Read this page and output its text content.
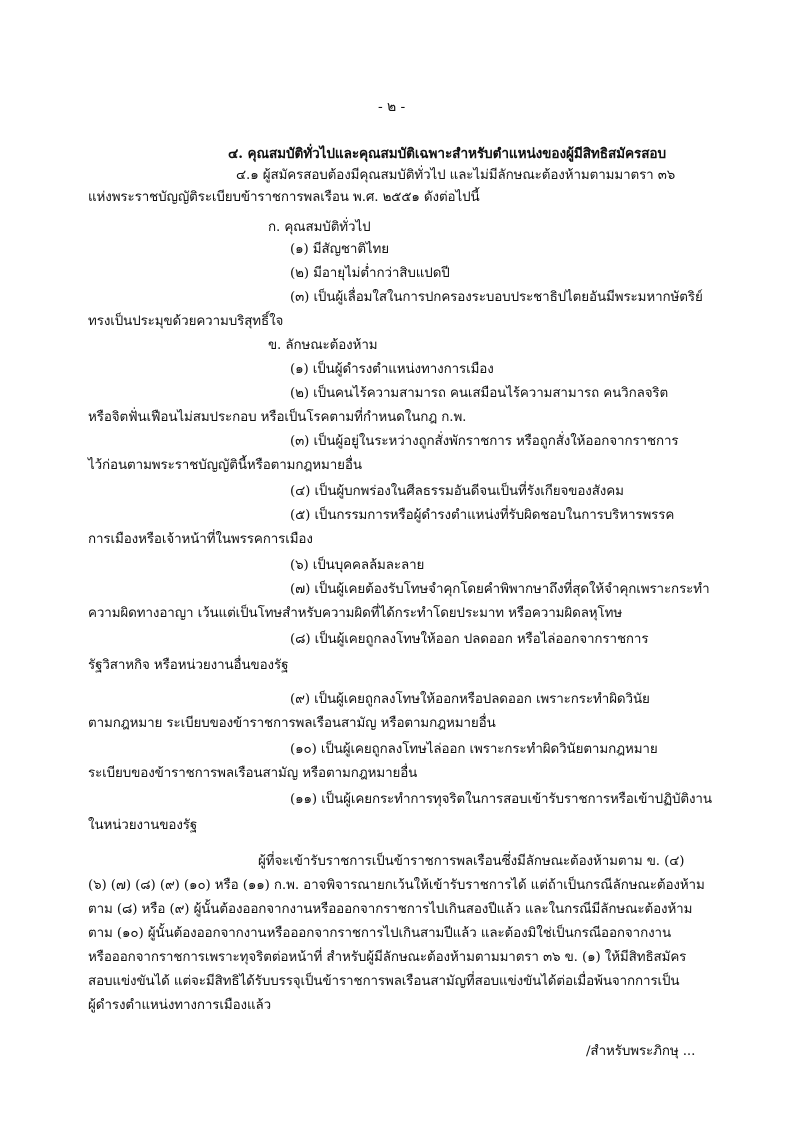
- ๒ -
๔. คุณสมบัติทั่วไปและคุณสมบัติเฉพาะสำหรับตำแหน่งของผู้มีสิทธิสมัครสอบ
๔.๑ ผู้สมัครสอบต้องมีคุณสมบัติทั่วไป และไม่มีลักษณะต้องห้ามตามมาตรา ๓๖
แห่งพระราชบัญญัติระเบียบข้าราชการพลเรือน พ.ศ. ๒๕๕๑ ดังต่อไปนี้
ก. คุณสมบัติทั่วไป
(๑) มีสัญชาติไทย
(๒) มีอายุไม่ต่ำกว่าสิบแปดปี
(๓) เป็นผู้เลื่อมใสในการปกครองระบอบประชาธิปไตยอันมีพระมหากษัตริย์
ทรงเป็นประมุขด้วยความบริสุทธิ์ใจ
ข. ลักษณะต้องห้าม
(๑) เป็นผู้ดำรงตำแหน่งทางการเมือง
(๒) เป็นคนไร้ความสามารถ คนเสมือนไร้ความสามารถ คนวิกลจริต
หรือจิตฟั่นเฟือนไม่สมประกอบ หรือเป็นโรคตามที่กำหนดในกฎ ก.พ.
(๓) เป็นผู้อยู่ในระหว่างถูกสั่งพักราชการ หรือถูกสั่งให้ออกจากราชการ
ไว้ก่อนตามพระราชบัญญัตินี้หรือตามกฎหมายอื่น
(๔) เป็นผู้บกพร่องในศีลธรรมอันดีจนเป็นที่รังเกียจของสังคม
(๕) เป็นกรรมการหรือผู้ดำรงตำแหน่งที่รับผิดชอบในการบริหารพรรค
การเมืองหรือเจ้าหน้าที่ในพรรคการเมือง
(๖) เป็นบุคคลล้มละลาย
(๗) เป็นผู้เคยต้องรับโทษจำคุกโดยคำพิพากษาถึงที่สุดให้จำคุกเพราะกระทำ
ความผิดทางอาญา เว้นแต่เป็นโทษสำหรับความผิดที่ได้กระทำโดยประมาท หรือความผิดลหุโทษ
(๘) เป็นผู้เคยถูกลงโทษให้ออก ปลดออก หรือไล่ออกจากราชการ
รัฐวิสาหกิจ หรือหน่วยงานอื่นของรัฐ
(๙) เป็นผู้เคยถูกลงโทษให้ออกหรือปลดออก เพราะกระทำผิดวินัย
ตามกฎหมาย ระเบียบของข้าราชการพลเรือนสามัญ หรือตามกฎหมายอื่น
(๑๐) เป็นผู้เคยถูกลงโทษไล่ออก เพราะกระทำผิดวินัยตามกฎหมาย
ระเบียบของข้าราชการพลเรือนสามัญ หรือตามกฎหมายอื่น
(๑๑) เป็นผู้เคยกระทำการทุจริตในการสอบเข้ารับราชการหรือเข้าปฏิบัติงาน
ในหน่วยงานของรัฐ
ผู้ที่จะเข้ารับราชการเป็นข้าราชการพลเรือนซึ่งมีลักษณะต้องห้ามตาม ข. (๔)
(๖) (๗) (๘) (๙) (๑๐) หรือ (๑๑) ก.พ. อาจพิจารณายกเว้นให้เข้ารับราชการได้ แต่ถ้าเป็นกรณีลักษณะต้องห้าม
ตาม (๘) หรือ (๙) ผู้นั้นต้องออกจากงานหรือออกจากราชการไปเกินสองปีแล้ว และในกรณีมีลักษณะต้องห้าม
ตาม (๑๐) ผู้นั้นต้องออกจากงานหรือออกจากราชการไปเกินสามปีแล้ว และต้องมิใช่เป็นกรณีออกจากงาน
หรือออกจากราชการเพราะทุจริตต่อหน้าที่ สำหรับผู้มีลักษณะต้องห้ามตามมาตรา ๓๖ ข. (๑) ให้มีสิทธิสมัคร
สอบแข่งขันได้ แต่จะมีสิทธิได้รับบรรจุเป็นข้าราชการพลเรือนสามัญที่สอบแข่งขันได้ต่อเมื่อพ้นจากการเป็น
ผู้ดำรงตำแหน่งทางการเมืองแล้ว
/สำหรับพระภิกษุ ...
